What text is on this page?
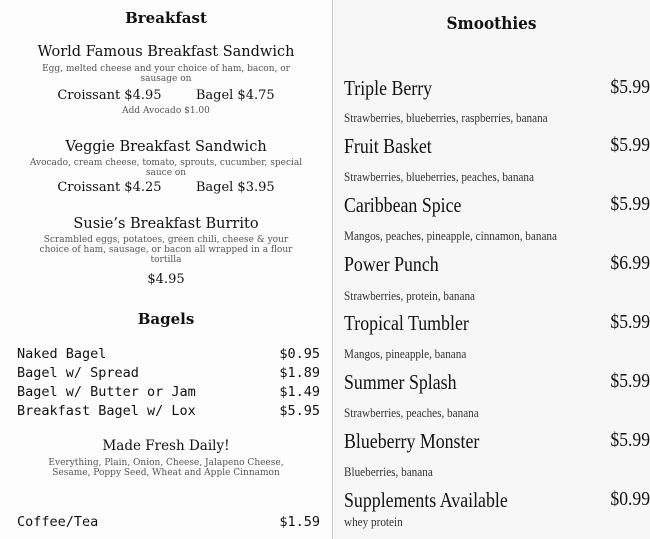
Breakfast
World Famous Breakfast Sandwich
Egg, melted cheese and your choice of ham, bacon, or sausage on
Croissant $4.95	Bagel $4.75
Add Avocado $1.00
Veggie Breakfast Sandwich
Avocado, cream cheese, tomato, sprouts, cucumber, special sauce on
Croissant $4.25	Bagel $3.95
Susie’s Breakfast Burrito
Scrambled eggs, potatoes, green chili, cheese & your choice of ham, sausage, or bacon all wrapped in a flour tortilla
$4.95
Bagels
Naked Bagel	$0.95
Bagel w/ Spread	$1.89
Bagel w/ Butter or Jam	$1.49
Breakfast Bagel w/ Lox	$5.95
Made Fresh Daily!
Everything, Plain, Onion, Cheese, Jalapeno Cheese, Sesame, Poppy Seed, Wheat and Apple Cinnamon
Coffee/Tea	$1.59
Smoothies
Triple Berry	$5.99
Strawberries, blueberries, raspberries, banana
Fruit Basket	$5.99
Strawberries, blueberries, peaches, banana
Caribbean Spice	$5.99
Mangos, peaches, pineapple, cinnamon, banana
Power Punch	$6.99
Strawberries, protein, banana
Tropical Tumbler	$5.99
Mangos, pineapple, banana
Summer Splash	$5.99
Strawberries, peaches, banana
Blueberry Monster	$5.99
Blueberries, banana
Supplements Available	$0.99
whey protein
